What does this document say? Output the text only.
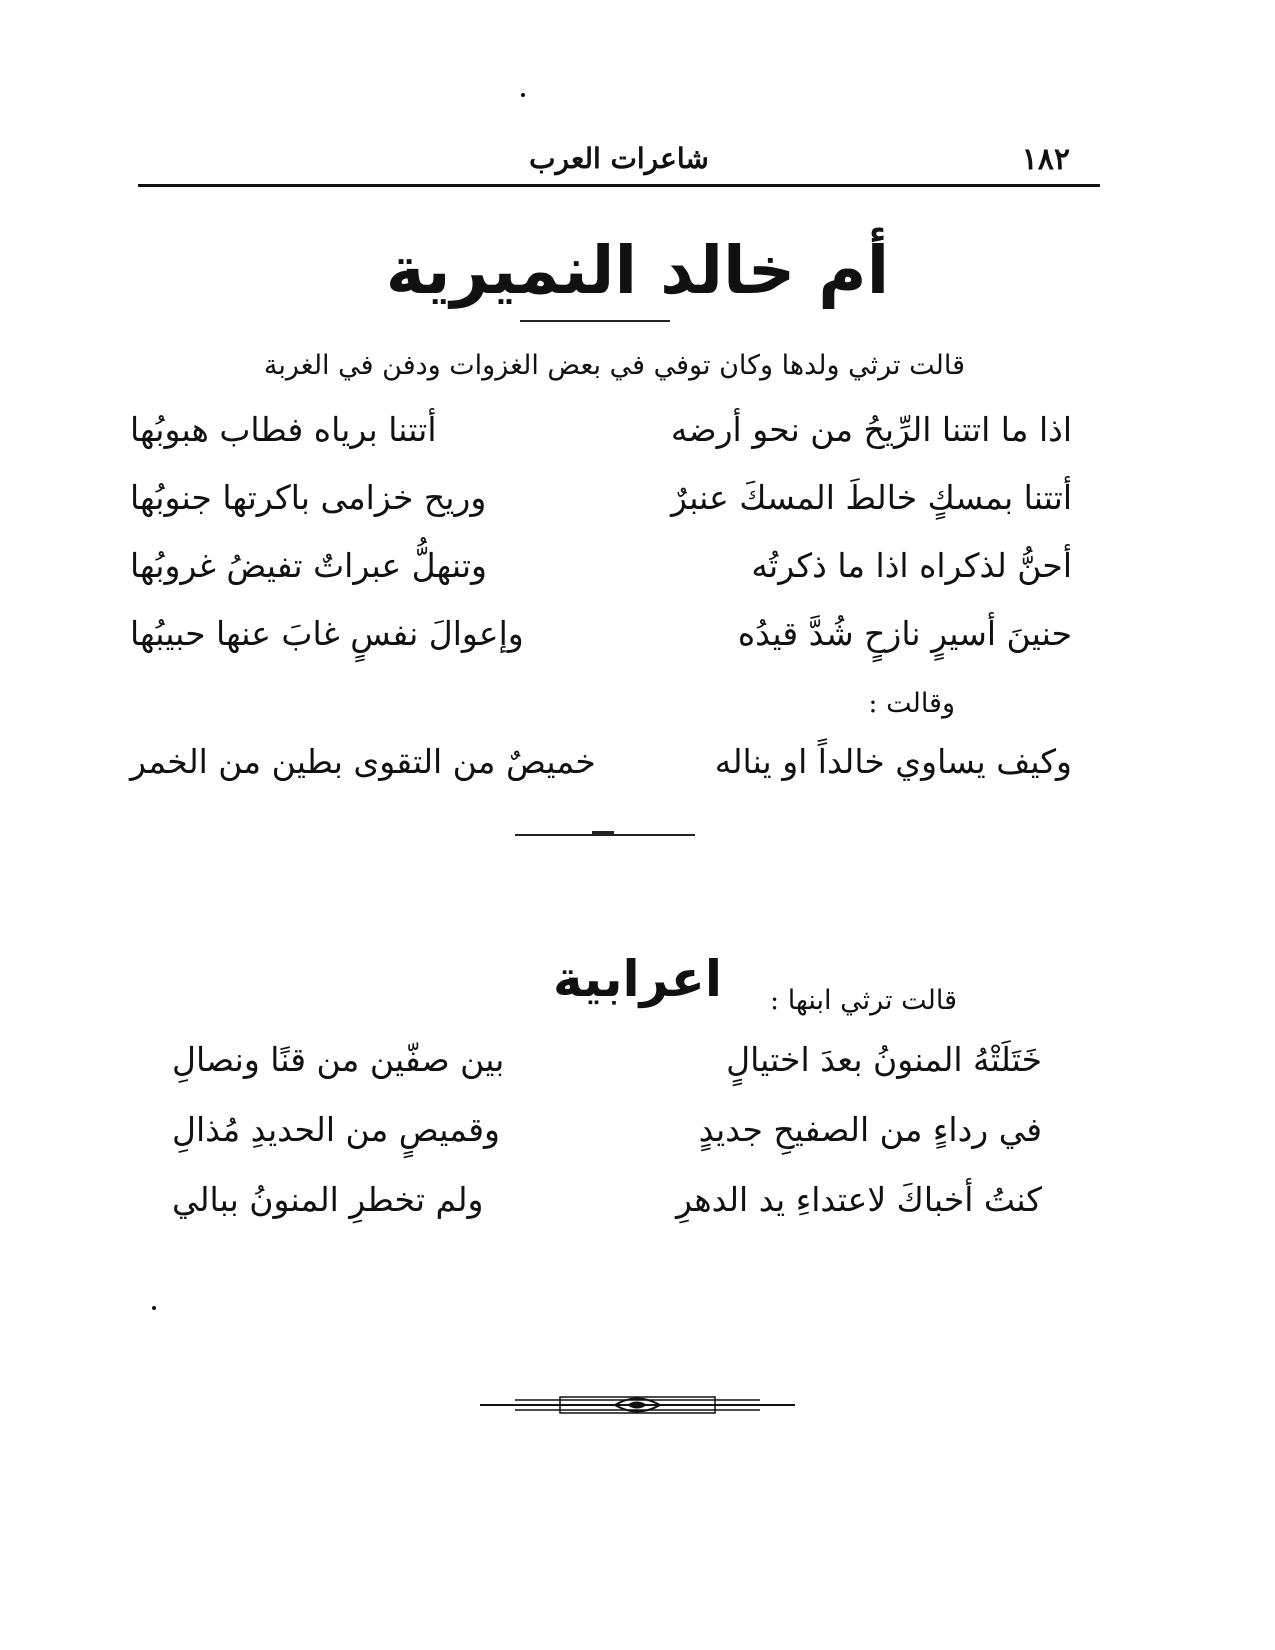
١٨٢
شاعرات العرب
أم خالد النميرية
قالت ترثي ولدها وكان توفي في بعض الغزوات ودفن في الغربة
اذا ما اتتنا الرِّيحُ من نحو أرضه
أتتنا برياه فطاب هبوبُها
أتتنا بمسكٍ خالطَ المسكَ عنبرٌ
وريح خزامى باكرتها جنوبُها
أحنُّ لذكراه اذا ما ذكرتُه
وتنهلُّ عبراتٌ تفيضُ غروبُها
حنينَ أسيرٍ نازحٍ شُدَّ قيدُه
وإعوالَ نفسٍ غابَ عنها حبيبُها
وقالت :
وكيف يساوي خالداً او يناله
خميصٌ من التقوى بطين من الخمر
اعرابية	قالت ترثي ابنها :
خَتَلَتْهُ المنونُ بعدَ اختيالٍ
بين صفّين من قنًا ونصالِ
في رداءٍ من الصفيحِ جديدٍ
وقميصٍ من الحديدِ مُذالِ
كنتُ أخباكَ لاعتداءِ يد الدهرِ
ولم تخطرِ المنونُ ببالي
